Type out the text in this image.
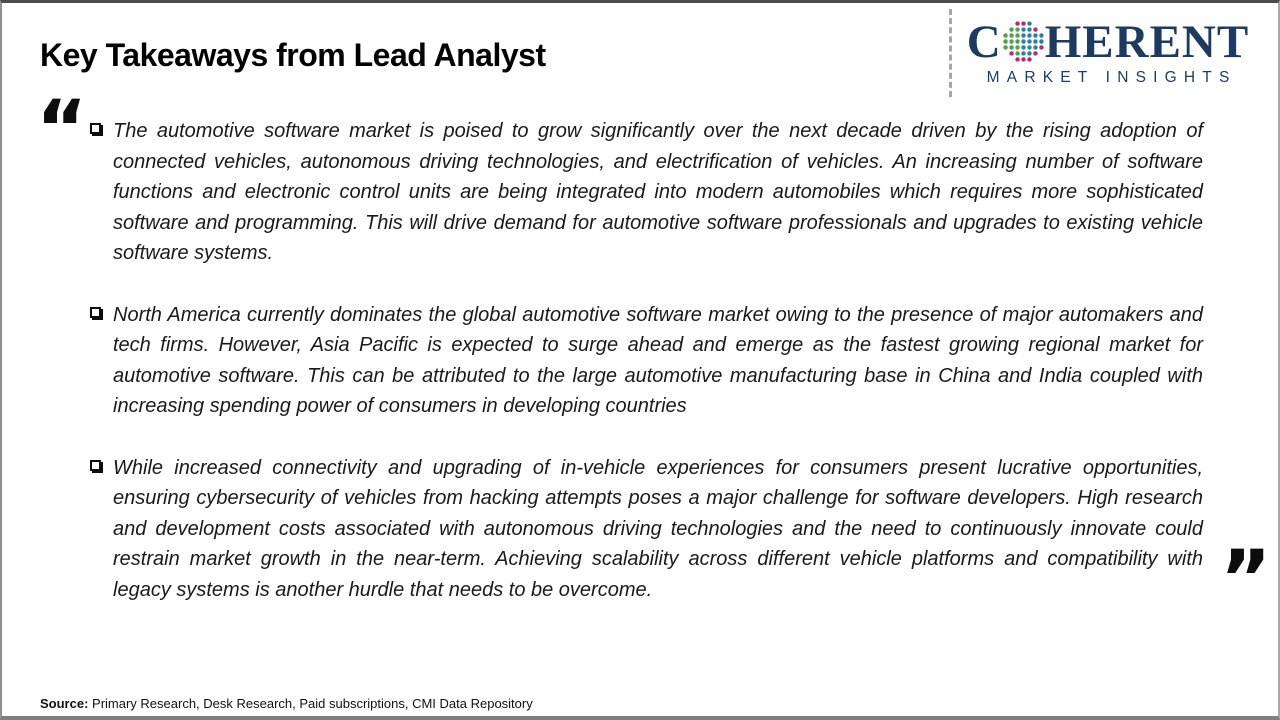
Key Takeaways from Lead Analyst	C HERENT
MARKET INSIGHTS
“
”
The automotive software market is poised to grow significantly over the next decade driven by the rising adoption of connected vehicles, autonomous driving technologies, and electrification of vehicles. An increasing number of software functions and electronic control units are being integrated into modern automobiles which requires more sophisticated software and programming. This will drive demand for automotive software professionals and upgrades to existing vehicle software systems.
North America currently dominates the global automotive software market owing to the presence of major automakers and tech firms. However, Asia Pacific is expected to surge ahead and emerge as the fastest growing regional market for automotive software. This can be attributed to the large automotive manufacturing base in China and India coupled with increasing spending power of consumers in developing countries
While increased connectivity and upgrading of in-vehicle experiences for consumers present lucrative opportunities, ensuring cybersecurity of vehicles from hacking attempts poses a major challenge for software developers. High research and development costs associated with autonomous driving technologies and the need to continuously innovate could restrain market growth in the near-term. Achieving scalability across different vehicle platforms and compatibility with legacy systems is another hurdle that needs to be overcome.
Source: Primary Research, Desk Research, Paid subscriptions, CMI Data Repository
